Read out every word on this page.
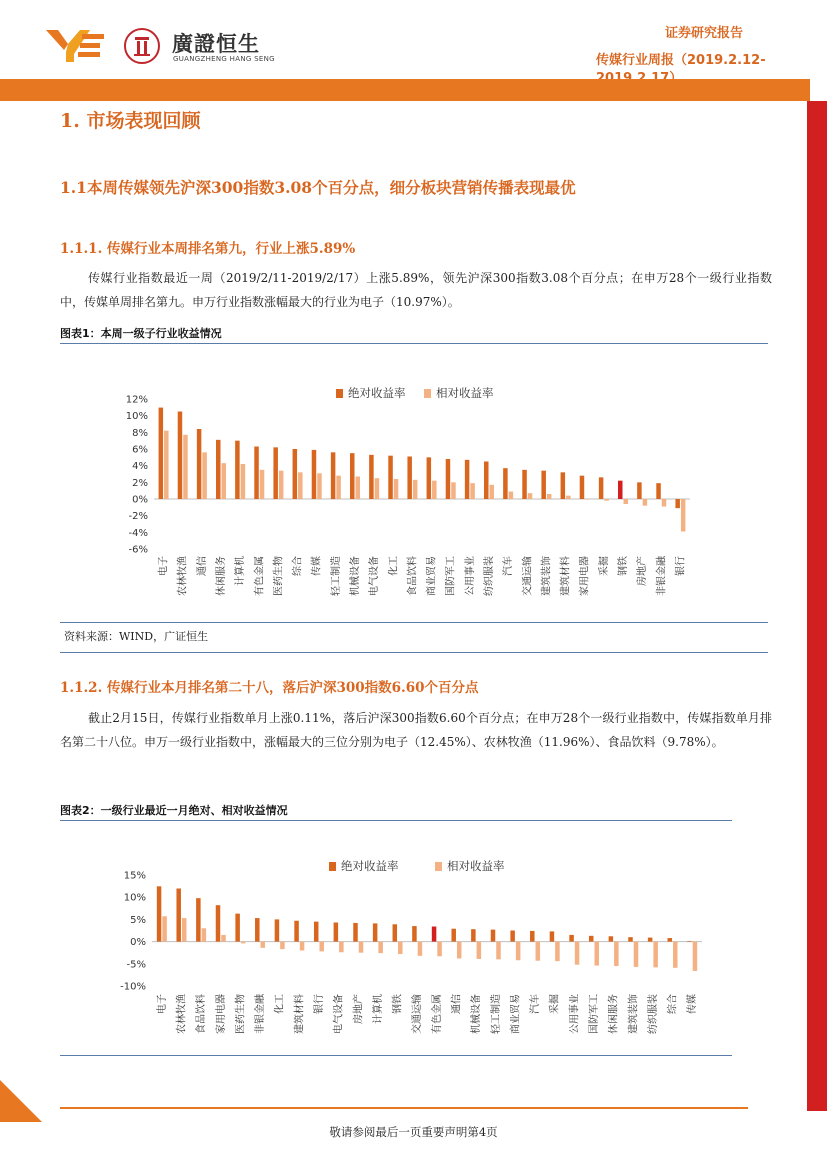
廣證恒生
GUANGZHENG HANG SENG
证券研究报告
传媒行业周报（2019.2.12-
1. 市场表现回顾
1.1本周传媒领先沪深300指数3.08个百分点，细分板块营销传播表现最优
1.1.1. 传媒行业本周排名第九，行业上涨5.89%
传媒行业指数最近一周（2019/2/11-2019/2/17）上涨5.89%，领先沪深300指数3.08个百分点；在申万28个一级行业指数中，传媒单周排名第九。申万行业指数涨幅最大的行业为电子（10.97%）。
图表1：本周一级子行业收益情况
绝对收益率	相对收益率
12%
10%
8%
6%
4%
2%
0%
-2%
-4%
-6%
电子 农林牧渔 通信 休闲服务 计算机 有色金属 医药生物 综合 传媒 轻工制造 机械设备 电气设备 化工 食品饮料 商业贸易 国防军工 公用事业 纺织服装 汽车 交通运输 建筑装饰 建筑材料 家用电器 采掘 钢铁 房地产 非银金融 银行
资料来源：WIND，广证恒生
1.1.2. 传媒行业本月排名第二十八，落后沪深300指数6.60个百分点
截止2月15日，传媒行业指数单月上涨0.11%，落后沪深300指数6.60个百分点；在申万28个一级行业指数中，传媒指数单月排名第二十八位。申万一级行业指数中，涨幅最大的三位分别为电子（12.45%）、农林牧渔（11.96%）、食品饮料（9.78%）。
图表2：一级行业最近一月绝对、相对收益情况
绝对收益率	相对收益率
15%
10%
5%
0%
-5%
-10%
电子 农林牧渔 食品饮料 家用电器 医药生物 非银金融 化工 建筑材料 银行 电气设备 房地产 计算机 钢铁 交通运输 有色金属 通信 机械设备 轻工制造 商业贸易 汽车 采掘 公用事业 国防军工 休闲服务 建筑装饰 纺织服装 综合 传媒
敬请参阅最后一页重要声明第4页
